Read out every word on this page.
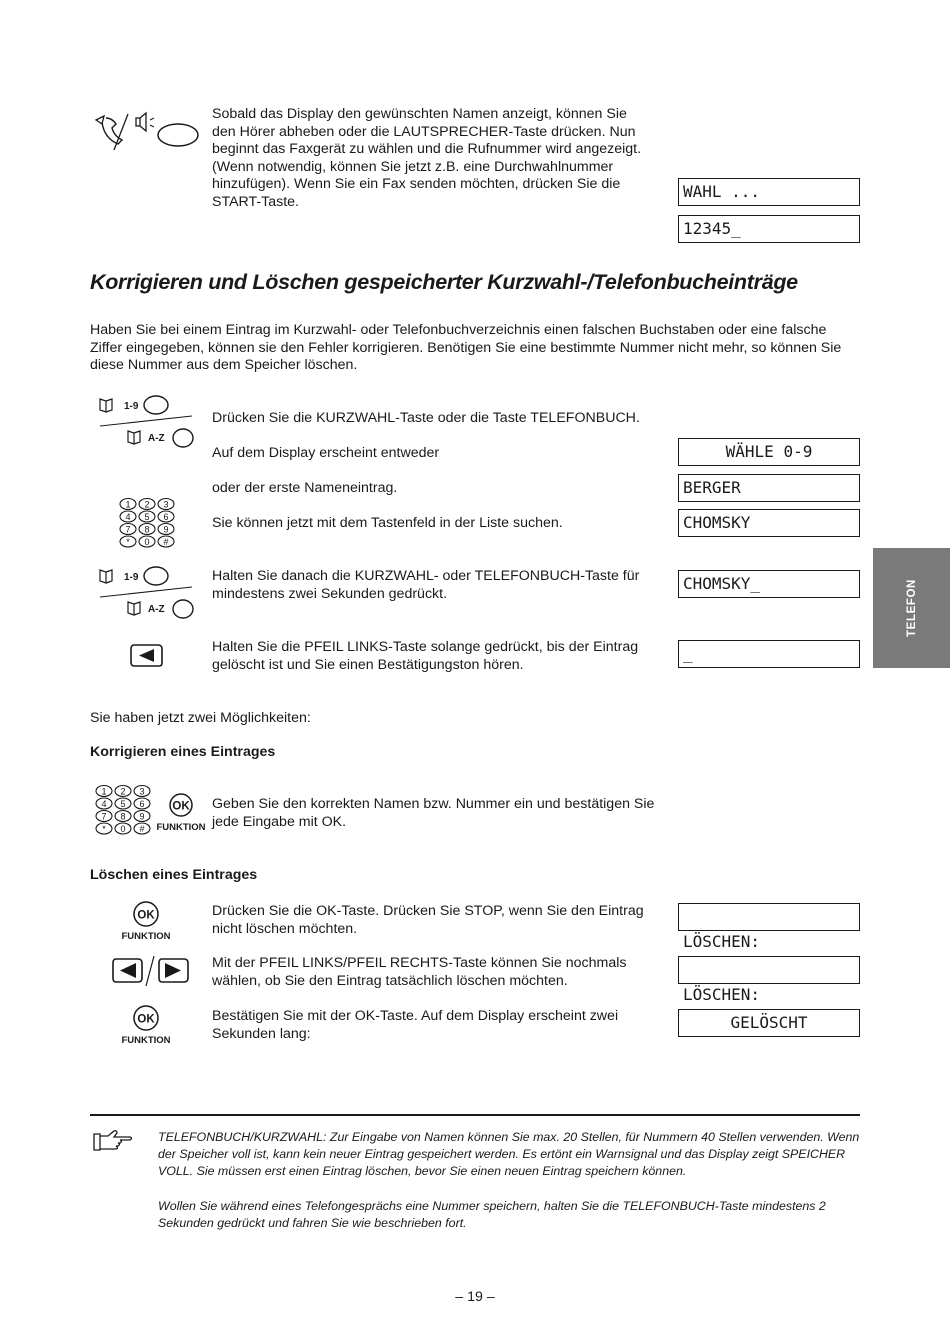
TELEFON
Sobald das Display den gewünschten Namen anzeigt, können Sie den Hörer abheben oder die LAUTSPRECHER-Taste drücken. Nun beginnt das Faxgerät zu wählen und die Rufnummer wird angezeigt. (Wenn notwendig, können Sie jetzt z.B. eine Durchwahlnummer hinzufügen). Wenn Sie ein Fax senden möchten, drücken Sie die START-Taste.
WAHL ...
12345_
Korrigieren und Löschen gespeicherter Kurzwahl-/Telefonbucheinträge
Haben Sie bei einem Eintrag im Kurzwahl- oder Telefonbuchverzeichnis einen falschen Buchstaben oder eine falsche Ziffer eingegeben, können sie den Fehler korrigieren. Benötigen Sie eine bestimmte Nummer nicht mehr, so können Sie diese Nummer aus dem Speicher löschen.
1-9
A-Z
Drücken Sie die KURZWAHL-Taste oder die Taste TELEFONBUCH.
Auf dem Display erscheint entweder	WÄHLE 0-9
oder der erste Nameneintrag.	BERGER
1 2 3
4 5 6
7 8 9
* 0 #
Sie können jetzt mit dem Tastenfeld in der Liste suchen.	CHOMSKY
1-9
A-Z
Halten Sie danach die KURZWAHL- oder TELEFONBUCH-Taste für mindestens zwei Sekunden gedrückt.
CHOMSKY_
Halten Sie die PFEIL LINKS-Taste solange gedrückt, bis der Eintrag gelöscht ist und Sie einen Bestätigungston hören.
_
Sie haben jetzt zwei Möglichkeiten:
Korrigieren eines Eintrages
1 2 3
4 5 6
7 8 9
* 0 #
OK
FUNKTION
Geben Sie den korrekten Namen bzw. Nummer ein und bestätigen Sie jede Eingabe mit OK.
Löschen eines Eintrages
OK
FUNKTION
Drücken Sie die OK-Taste. Drücken Sie STOP, wenn Sie den Eintrag nicht löschen möchten.

LÖSCHEN:

Mit der PFEIL LINKS/PFEIL RECHTS-Taste können Sie nochmals wählen, ob Sie den Eintrag tatsächlich löschen möchten.

LÖSCHEN:

OK
FUNKTION
Bestätigen Sie mit der OK-Taste. Auf dem Display erscheint zwei Sekunden lang:
GELÖSCHT
TELEFONBUCH/KURZWAHL: Zur Eingabe von Namen können Sie max. 20 Stellen, für Nummern 40 Stellen verwenden. Wenn der Speicher voll ist, kann kein neuer Eintrag gespeichert werden. Es ertönt ein Warnsignal und das Display zeigt SPEICHER VOLL. Sie müssen erst einen Eintrag löschen, bevor Sie einen neuen Eintrag speichern können.
Wollen Sie während eines Telefongesprächs eine Nummer speichern, halten Sie die TELEFONBUCH-Taste mindestens 2 Sekunden gedrückt und fahren Sie wie beschrieben fort.
– 19 –
